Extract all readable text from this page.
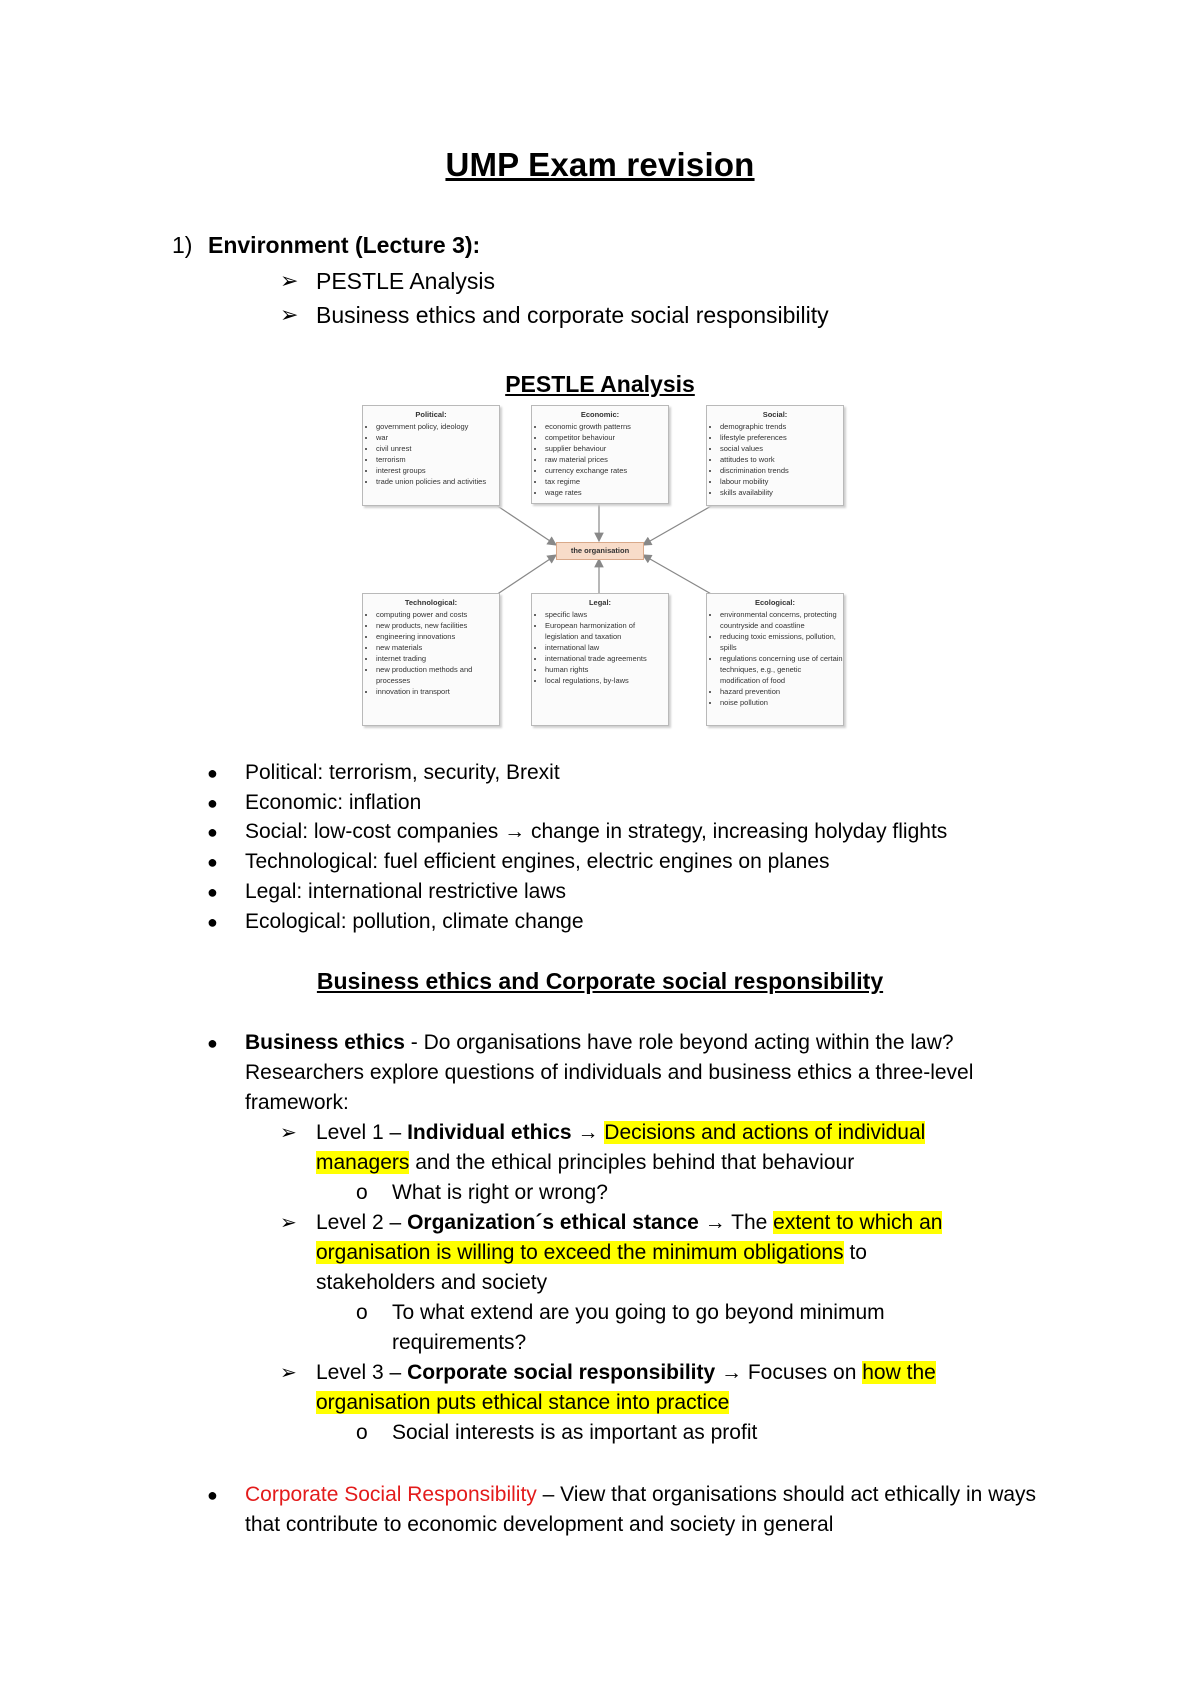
UMP Exam revision
1) Environment (Lecture 3):
➢ PESTLE Analysis
➢ Business ethics and corporate social responsibility
PESTLE Analysis
Political:
• government policy, ideology
• war
• civil unrest
• terrorism
• interest groups
• trade union policies and activities
Economic:
• economic growth patterns
• competitor behaviour
• supplier behaviour
• raw material prices
• currency exchange rates
• tax regime
• wage rates
Social:
• demographic trends
• lifestyle preferences
• social values
• attitudes to work
• discrimination trends
• labour mobility
• skills availability
the organisation
Technological:
• computing power and costs
• new products, new facilities
• engineering innovations
• new materials
• internet trading
• new production methods and processes
• innovation in transport
Legal:
• specific laws
• European harmonization of legislation and taxation
• international law
• international trade agreements
• human rights
• local regulations, by-laws
Ecological:
• environmental concerns, protecting countryside and coastline
• reducing toxic emissions, pollution, spills
• regulations concerning use of certain techniques, e.g., genetic modification of food
• hazard prevention
• noise pollution
● Political: terrorism, security, Brexit
● Economic: inflation
● Social: low-cost companies → change in strategy, increasing holyday flights
● Technological: fuel efficient engines, electric engines on planes
● Legal: international restrictive laws
● Ecological: pollution, climate change
Business ethics and Corporate social responsibility
● Business ethics - Do organisations have role beyond acting within the law? Researchers explore questions of individuals and business ethics a three-level framework:
➢ Level 1 – Individual ethics → Decisions and actions of individual managers and the ethical principles behind that behaviour
o What is right or wrong?
➢ Level 2 – Organization´s ethical stance → The extent to which an organisation is willing to exceed the minimum obligations to stakeholders and society
o To what extend are you going to go beyond minimum requirements?
➢ Level 3 – Corporate social responsibility → Focuses on how the organisation puts ethical stance into practice
o Social interests is as important as profit
● Corporate Social Responsibility – View that organisations should act ethically in ways that contribute to economic development and society in general
